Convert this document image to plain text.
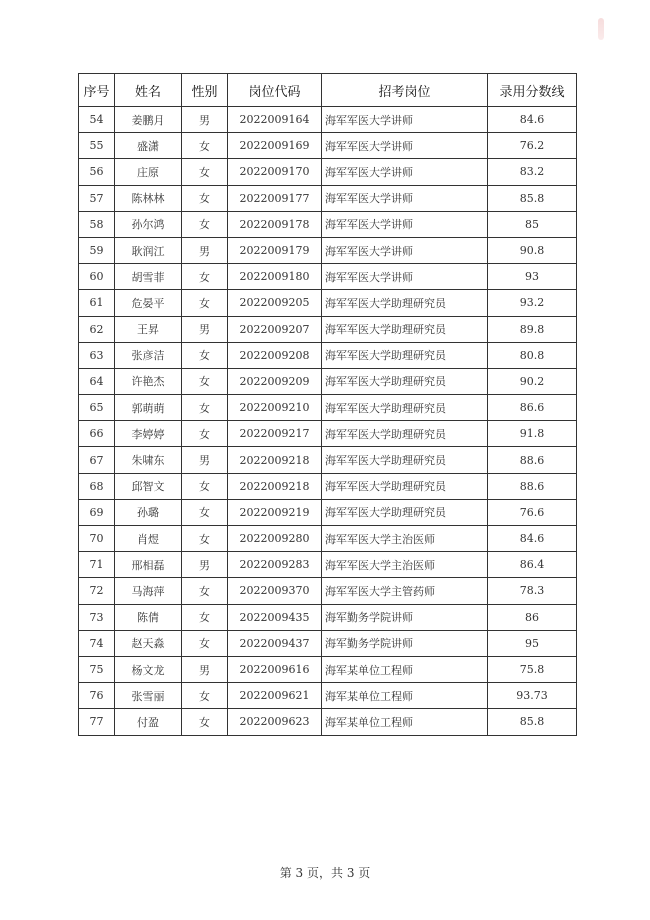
序号	姓名	性别	岗位代码	招考岗位	录用分数线
54	姜鹏月	男	2022009164	海军军医大学讲师	84.6
55	盛潇	女	2022009169	海军军医大学讲师	76.2
56	庄原	女	2022009170	海军军医大学讲师	83.2
57	陈林林	女	2022009177	海军军医大学讲师	85.8
58	孙尔鸿	女	2022009178	海军军医大学讲师	85
59	耿润江	男	2022009179	海军军医大学讲师	90.8
60	胡雪菲	女	2022009180	海军军医大学讲师	93
61	危晏平	女	2022009205	海军军医大学助理研究员	93.2
62	王昇	男	2022009207	海军军医大学助理研究员	89.8
63	张彦洁	女	2022009208	海军军医大学助理研究员	80.8
64	许艳杰	女	2022009209	海军军医大学助理研究员	90.2
65	郭萌萌	女	2022009210	海军军医大学助理研究员	86.6
66	李婷婷	女	2022009217	海军军医大学助理研究员	91.8
67	朱啸东	男	2022009218	海军军医大学助理研究员	88.6
68	邱智文	女	2022009218	海军军医大学助理研究员	88.6
69	孙璐	女	2022009219	海军军医大学助理研究员	76.6
70	肖煜	女	2022009280	海军军医大学主治医师	84.6
71	邢相磊	男	2022009283	海军军医大学主治医师	86.4
72	马海萍	女	2022009370	海军军医大学主管药师	78.3
73	陈倩	女	2022009435	海军勤务学院讲师	86
74	赵天淼	女	2022009437	海军勤务学院讲师	95
75	杨文龙	男	2022009616	海军某单位工程师	75.8
76	张雪丽	女	2022009621	海军某单位工程师	93.73
77	付盈	女	2022009623	海军某单位工程师	85.8
第 3 页，共 3 页
